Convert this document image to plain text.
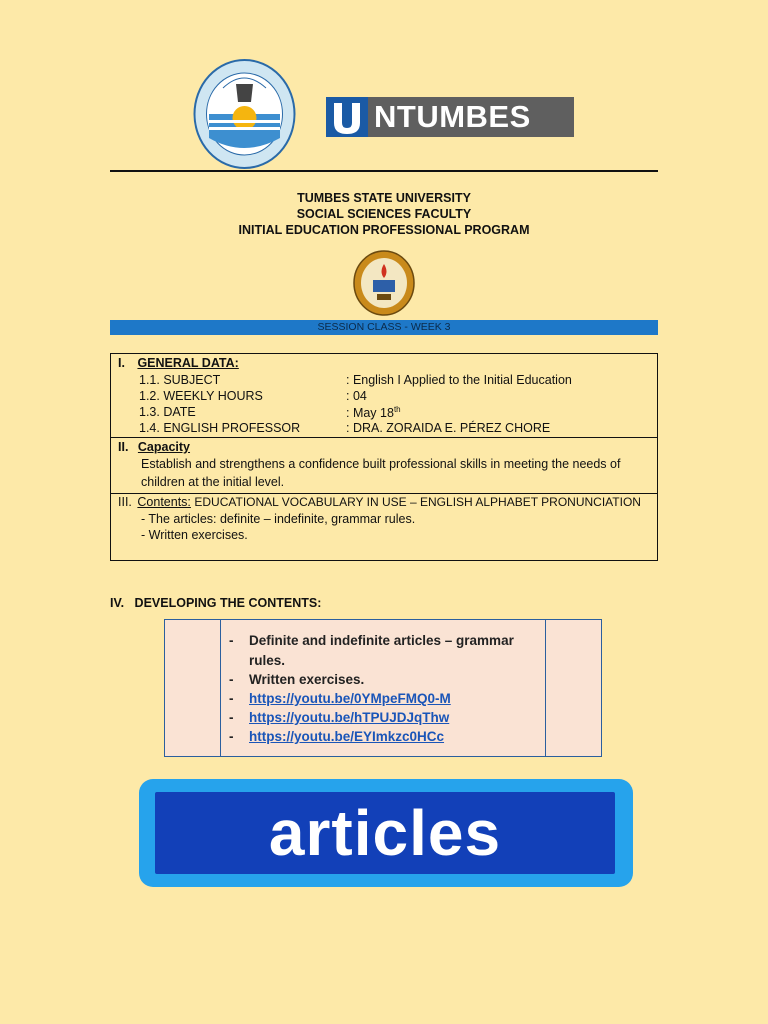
NTUMBES
TUMBES STATE UNIVERSITY
SOCIAL SCIENCES FACULTY
INITIAL EDUCATION PROFESSIONAL PROGRAM
SESSION CLASS - WEEK 3
I. GENERAL DATA:
1.1. SUBJECT	: English I Applied to the Initial Education
1.2. WEEKLY HOURS	: 04
1.3. DATE	: May 18th
1.4. ENGLISH PROFESSOR	: DRA. ZORAIDA E. PÉREZ CHORE
II. Capacity
Establish and strengthens a confidence built professional skills in meeting the needs of
children at the initial level.
III. Contents: EDUCATIONAL VOCABULARY IN USE – ENGLISH ALPHABET PRONUNCIATION
- The articles: definite – indefinite, grammar rules.
- Written exercises.
IV.   DEVELOPING THE CONTENTS:
- Definite and indefinite articles – grammar
rules.
- Written exercises.
- https://youtu.be/0YMpeFMQ0-M
- https://youtu.be/hTPUJDJqThw
- https://youtu.be/EYImkzc0HCc
articles
